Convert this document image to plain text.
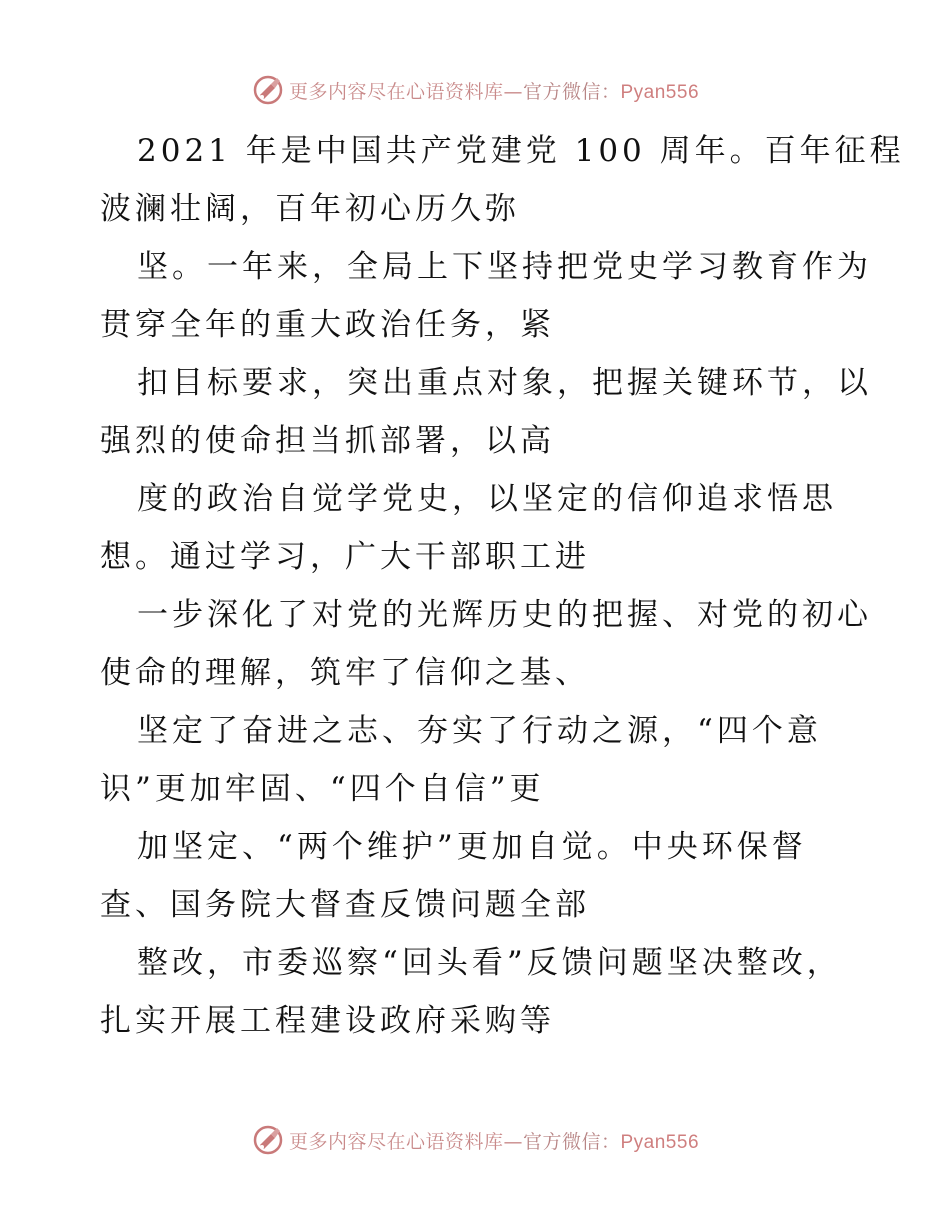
更多内容尽在心语资料库—官方微信：Pyan556
2021 年是中国共产党建党 100 周年。百年征程
波澜壮阔，百年初心历久弥
坚。一年来，全局上下坚持把党史学习教育作为
贯穿全年的重大政治任务，紧
扣目标要求，突出重点对象，把握关键环节，以
强烈的使命担当抓部署，以高
度的政治自觉学党史，以坚定的信仰追求悟思
想。通过学习，广大干部职工进
一步深化了对党的光辉历史的把握、对党的初心
使命的理解，筑牢了信仰之基、
坚定了奋进之志、夯实了行动之源，“四个意
识”更加牢固、“四个自信”更
加坚定、“两个维护”更加自觉。中央环保督
查、国务院大督查反馈问题全部
整改，市委巡察“回头看”反馈问题坚决整改，
扎实开展工程建设政府采购等
更多内容尽在心语资料库—官方微信：Pyan556
